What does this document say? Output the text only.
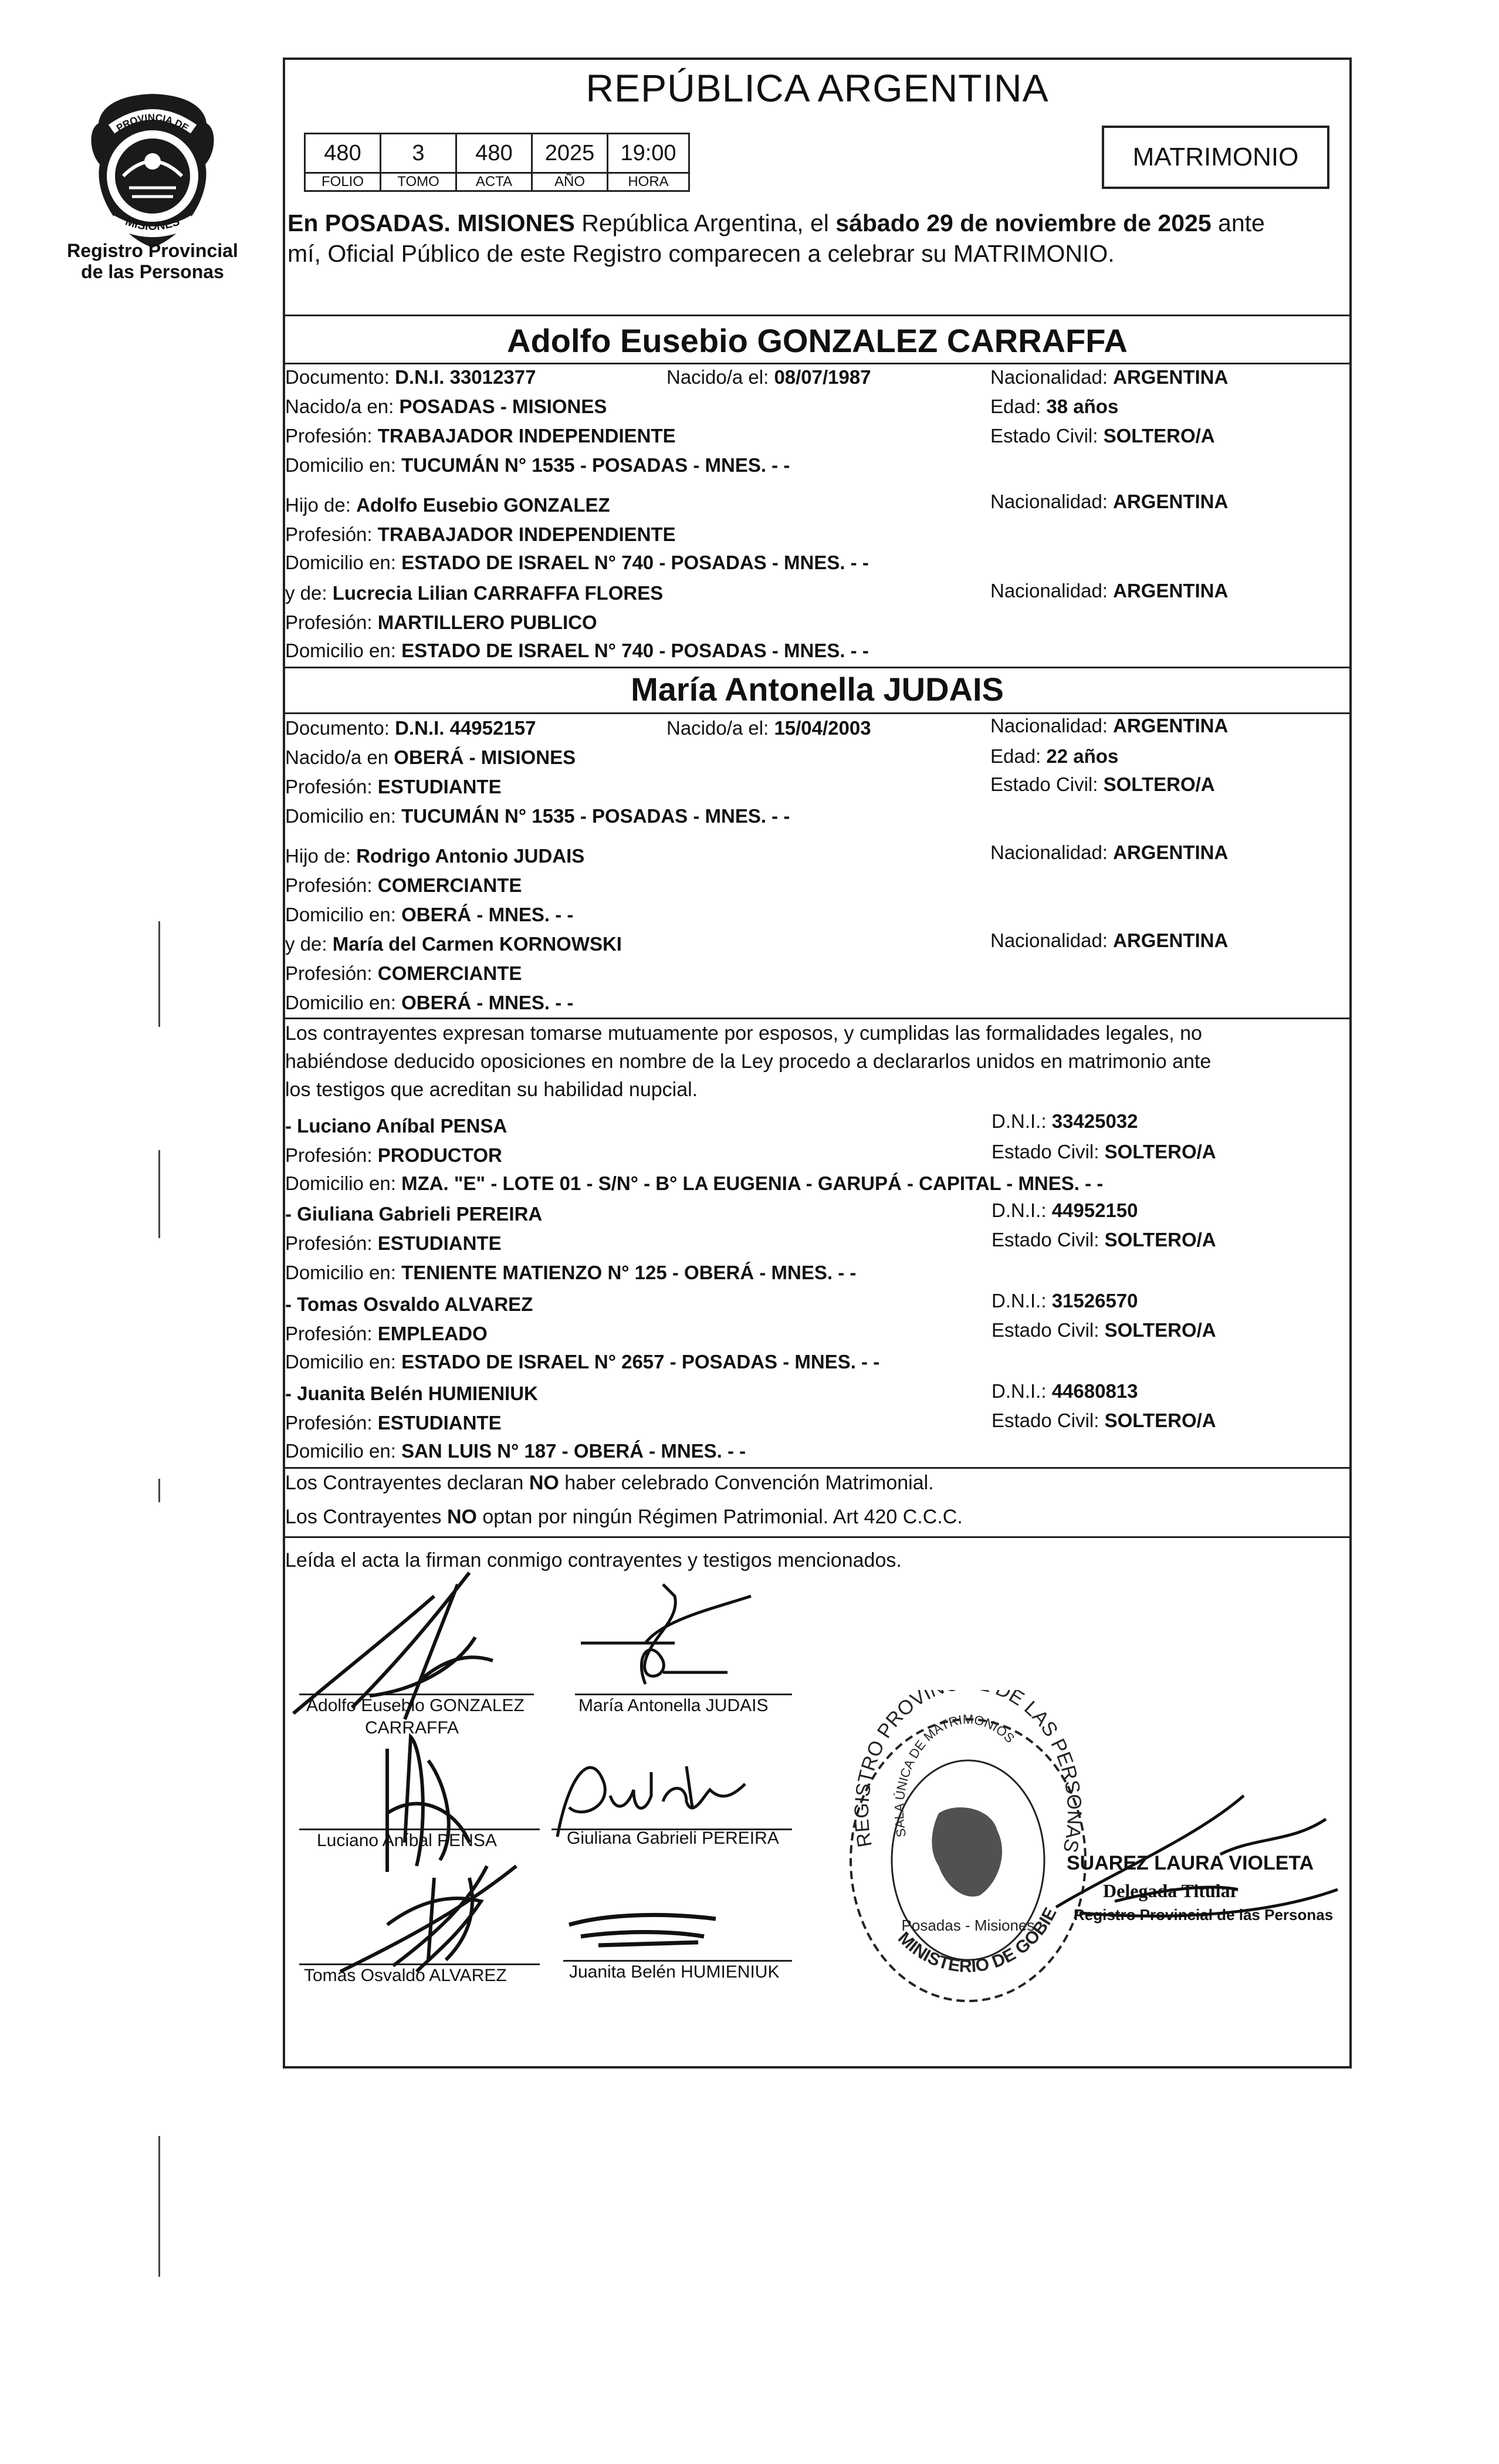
PROVINCIA DE
MISIONES
Registro Provincial
de las Personas
REPÚBLICA ARGENTINA
480	3	480	2025	19:00
FOLIO	TOMO	ACTA	AÑO	HORA
MATRIMONIO
En POSADAS. MISIONES República Argentina, el sábado 29 de noviembre de 2025 ante
mí, Oficial Público de este Registro comparecen a celebrar su MATRIMONIO.
Adolfo Eusebio GONZALEZ CARRAFFA
Documento: D.N.I. 33012377	Nacido/a el: 08/07/1987	Nacionalidad: ARGENTINA
Nacido/a en: POSADAS - MISIONES	Edad: 38 años
Profesión: TRABAJADOR INDEPENDIENTE	Estado Civil: SOLTERO/A
Domicilio en: TUCUMÁN N° 1535 - POSADAS - MNES. - -
Hijo de: Adolfo Eusebio GONZALEZ	Nacionalidad: ARGENTINA
Profesión: TRABAJADOR INDEPENDIENTE
Domicilio en: ESTADO DE ISRAEL N° 740 - POSADAS - MNES. - -
y de: Lucrecia Lilian CARRAFFA FLORES	Nacionalidad: ARGENTINA
Profesión: MARTILLERO PUBLICO
Domicilio en: ESTADO DE ISRAEL N° 740 - POSADAS - MNES. - -
María Antonella JUDAIS
Documento: D.N.I. 44952157	Nacido/a el: 15/04/2003	Nacionalidad: ARGENTINA
Nacido/a en OBERÁ - MISIONES	Edad: 22 años
Profesión: ESTUDIANTE	Estado Civil: SOLTERO/A
Domicilio en: TUCUMÁN N° 1535 - POSADAS - MNES. - -
Hijo de: Rodrigo Antonio JUDAIS	Nacionalidad: ARGENTINA
Profesión: COMERCIANTE
Domicilio en: OBERÁ - MNES. - -
y de: María del Carmen KORNOWSKI	Nacionalidad: ARGENTINA
Profesión: COMERCIANTE
Domicilio en: OBERÁ - MNES. - -
Los contrayentes expresan tomarse mutuamente por esposos, y cumplidas las formalidades legales, no
habiéndose deducido oposiciones en nombre de la Ley procedo a declararlos unidos en matrimonio ante
los testigos que acreditan su habilidad nupcial.
- Luciano Aníbal PENSA	D.N.I.: 33425032
Profesión: PRODUCTOR	Estado Civil: SOLTERO/A
Domicilio en: MZA. "E" - LOTE 01 - S/N° - B° LA EUGENIA - GARUPÁ - CAPITAL - MNES. - -
- Giuliana Gabrieli PEREIRA	D.N.I.: 44952150
Profesión: ESTUDIANTE	Estado Civil: SOLTERO/A
Domicilio en: TENIENTE MATIENZO N° 125 - OBERÁ - MNES. - -
- Tomas Osvaldo ALVAREZ	D.N.I.: 31526570
Profesión: EMPLEADO	Estado Civil: SOLTERO/A
Domicilio en: ESTADO DE ISRAEL N° 2657 - POSADAS - MNES. - -
- Juanita Belén HUMIENIUK	D.N.I.: 44680813
Profesión: ESTUDIANTE	Estado Civil: SOLTERO/A
Domicilio en: SAN LUIS N° 187 - OBERÁ - MNES. - -
Los Contrayentes declaran NO haber celebrado Convención Matrimonial.
Los Contrayentes NO optan por ningún Régimen Patrimonial. Art 420 C.C.C.
Leída el acta la firman conmigo contrayentes y testigos mencionados.
Adolfo Eusebio GONZALEZ
CARRAFFA
María Antonella JUDAIS
Luciano Aníbal PENSA	Giuliana Gabrieli PEREIRA
Tomas Osvaldo ALVAREZ	Juanita Belén HUMIENIUK
REGISTRO PROVI DE LAS PERSONAS
SALA ÚNICA DE MATRIMONIOS
MINISTERIO DE GOBIE
Posadas - Misiones
SUAREZ LAURA VIOLETA
Delegada Titular
Registro Provincial de las Personas
